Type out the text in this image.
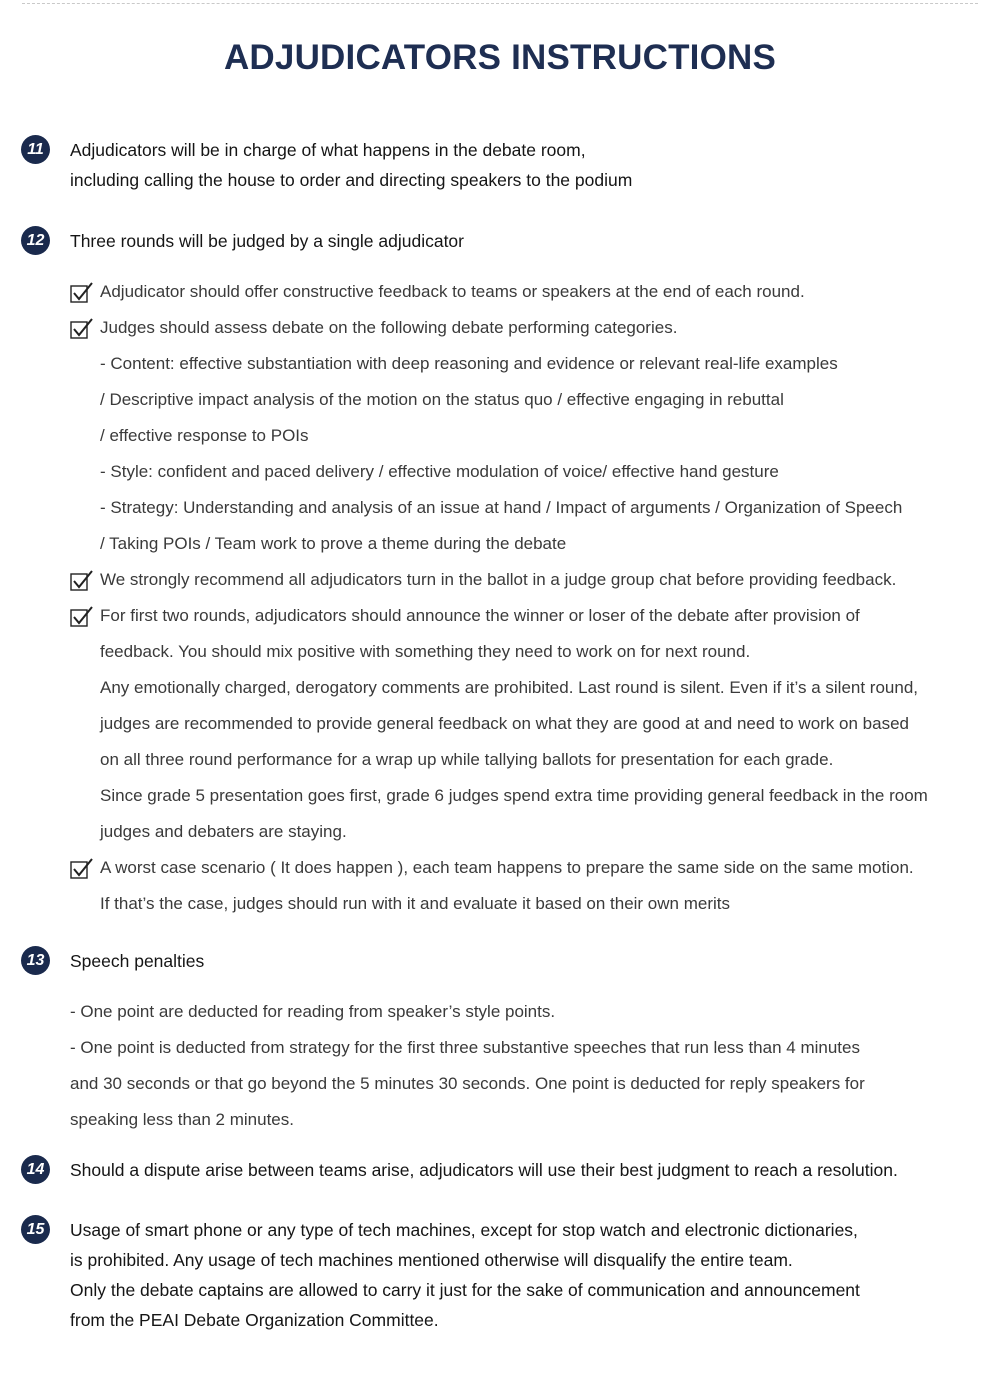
ADJUDICATORS INSTRUCTIONS
11	Adjudicators will be in charge of what happens in the debate room,
including calling the house to order and directing speakers to the podium
12	Three rounds will be judged by a single adjudicator
Adjudicator should offer constructive feedback to teams or speakers at the end of each round.
Judges should assess debate on the following debate performing categories.
- Content: effective substantiation with deep reasoning and evidence or relevant real-life examples
/ Descriptive impact analysis of the motion on the status quo / effective engaging in rebuttal
/ effective response to POIs
- Style: confident and paced delivery / effective modulation of voice/ effective hand gesture
- Strategy: Understanding and analysis of an issue at hand / Impact of arguments / Organization of Speech
/ Taking POIs / Team work to prove a theme during the debate
We strongly recommend all adjudicators turn in the ballot in a judge group chat before providing feedback.
For first two rounds, adjudicators should announce the winner or loser of the debate after provision of
feedback. You should mix positive with something they need to work on for next round.
Any emotionally charged, derogatory comments are prohibited. Last round is silent. Even if it’s a silent round,
judges are recommended to provide general feedback on what they are good at and need to work on based
on all three round performance for a wrap up while tallying ballots for presentation for each grade.
Since grade 5 presentation goes first, grade 6 judges spend extra time providing general feedback in the room
judges and debaters are staying.
A worst case scenario ( It does happen ), each team happens to prepare the same side on the same motion.
If that’s the case, judges should run with it and evaluate it based on their own merits
13	Speech penalties
- One point are deducted for reading from speaker’s style points.
- One point is deducted from strategy for the first three substantive speeches that run less than 4 minutes
and 30 seconds or that go beyond the 5 minutes 30 seconds. One point is deducted for reply speakers for
speaking less than 2 minutes.
14	Should a dispute arise between teams arise, adjudicators will use their best judgment to reach a resolution.
15	Usage of smart phone or any type of tech machines, except for stop watch and electronic dictionaries,
is prohibited. Any usage of tech machines mentioned otherwise will disqualify the entire team.
Only the debate captains are allowed to carry it just for the sake of communication and announcement
from the PEAI Debate Organization Committee.
